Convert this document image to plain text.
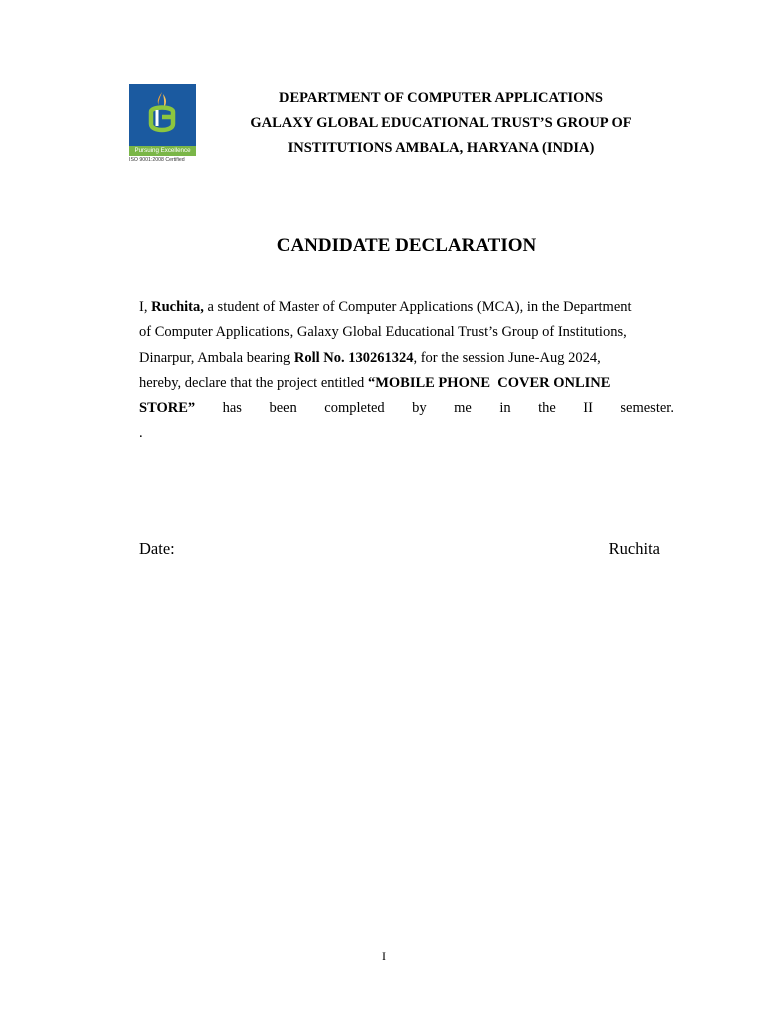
Pursuing Excellence
ISO 9001:2008 Certified
DEPARTMENT OF COMPUTER APPLICATIONS
GALAXY GLOBAL EDUCATIONAL TRUST’S GROUP OF
INSTITUTIONS AMBALA, HARYANA (INDIA)
CANDIDATE DECLARATION
I, Ruchita, a student of Master of Computer Applications (MCA), in the Department
of Computer Applications, Galaxy Global Educational Trust’s Group of Institutions,
Dinarpur, Ambala bearing Roll No. 130261324, for the session June-Aug 2024,
hereby, declare that the project entitled “MOBILE PHONE  COVER ONLINE
STORE” has been completed by me in the II semester.
.
Date:	Ruchita
I
